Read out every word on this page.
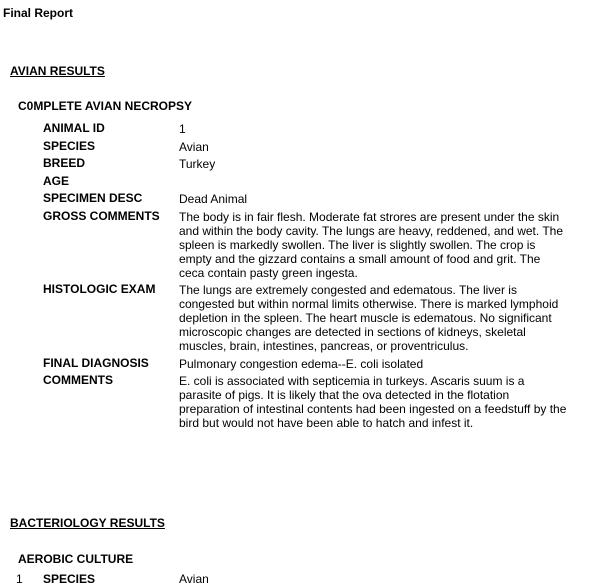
Final Report
AVIAN RESULTS
C0MPLETE AVIAN NECROPSY
ANIMAL ID	1
SPECIES	Avian
BREED	Turkey
AGE
SPECIMEN DESC	Dead Animal
GROSS COMMENTS	The body is in fair flesh. Moderate fat strores are present under the skin
and within the body cavity. The lungs are heavy, reddened, and wet. The
spleen is markedly swollen. The liver is slightly swollen. The crop is
empty and the gizzard contains a small amount of food and grit. The
ceca contain pasty green ingesta.
HISTOLOGIC EXAM	The lungs are extremely congested and edematous. The liver is
congested but within normal limits otherwise. There is marked lymphoid
depletion in the spleen. The heart muscle is edematous. No significant
microscopic changes are detected in sections of kidneys, skeletal
muscles, brain, intestines, pancreas, or proventriculus.
FINAL DIAGNOSIS	Pulmonary congestion edema--E. coli isolated
COMMENTS	E. coli is associated with septicemia in turkeys. Ascaris suum is a
parasite of pigs. It is likely that the ova detected in the flotation
preparation of intestinal contents had been ingested on a feedstuff by the
bird but would not have been able to hatch and infest it.
BACTERIOLOGY RESULTS
AEROBIC CULTURE
1 SPECIES	Avian
